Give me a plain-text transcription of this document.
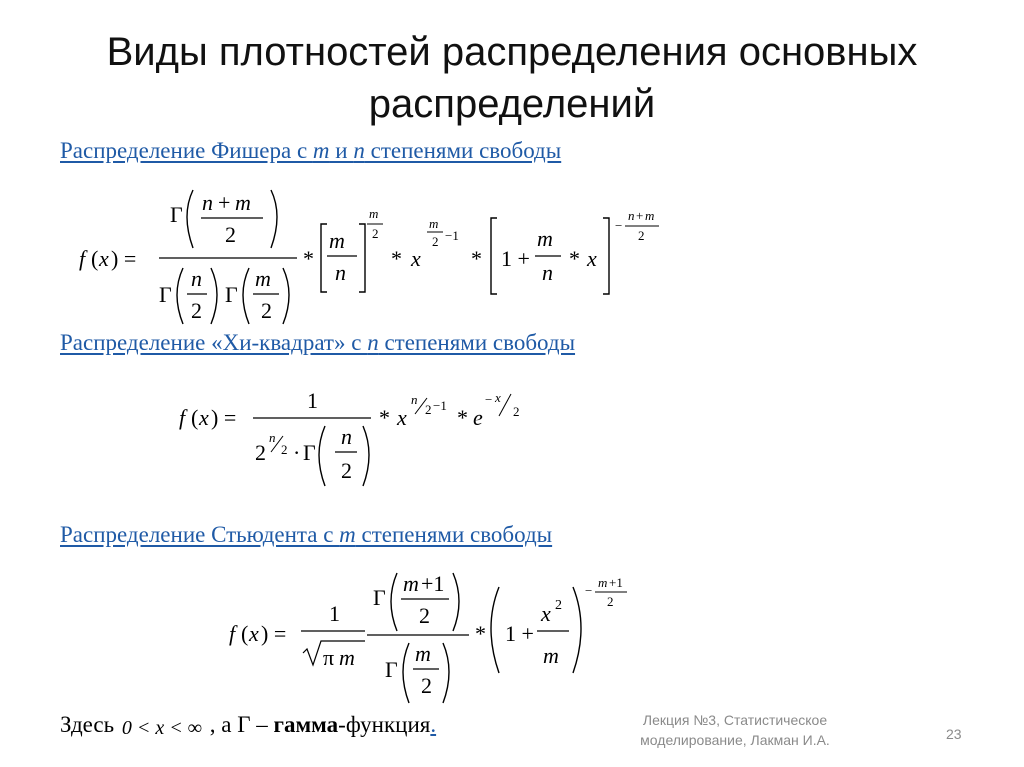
Виды плотностей распределения основных распределений
Распределение Фишера с m и n степенями свободы
f ( x ) =
Γ n + m
2
Γ
n
2
Γ
m
2
*
m
n
m
2
* x
m
2 −1
* 1 +
m
n
* x
−
n + m
2
Распределение «Хи-квадрат» с n степенями свободы
f ( x ) =
1
2
n
2 · Γ
n
2
* x
n
2 −1 * e
− x
2
Распределение Стьюдента с m степенями свободы
f ( x ) =
1
π m
Γ
m +1
2
Γ
m
2
* 1 +
x 2
m
−
m +1
2
Здесь 0 < x < ∞ , а Γ – гамма-функция.	Лекция №3, Статистическое моделирование, Лакман И.А.	23
